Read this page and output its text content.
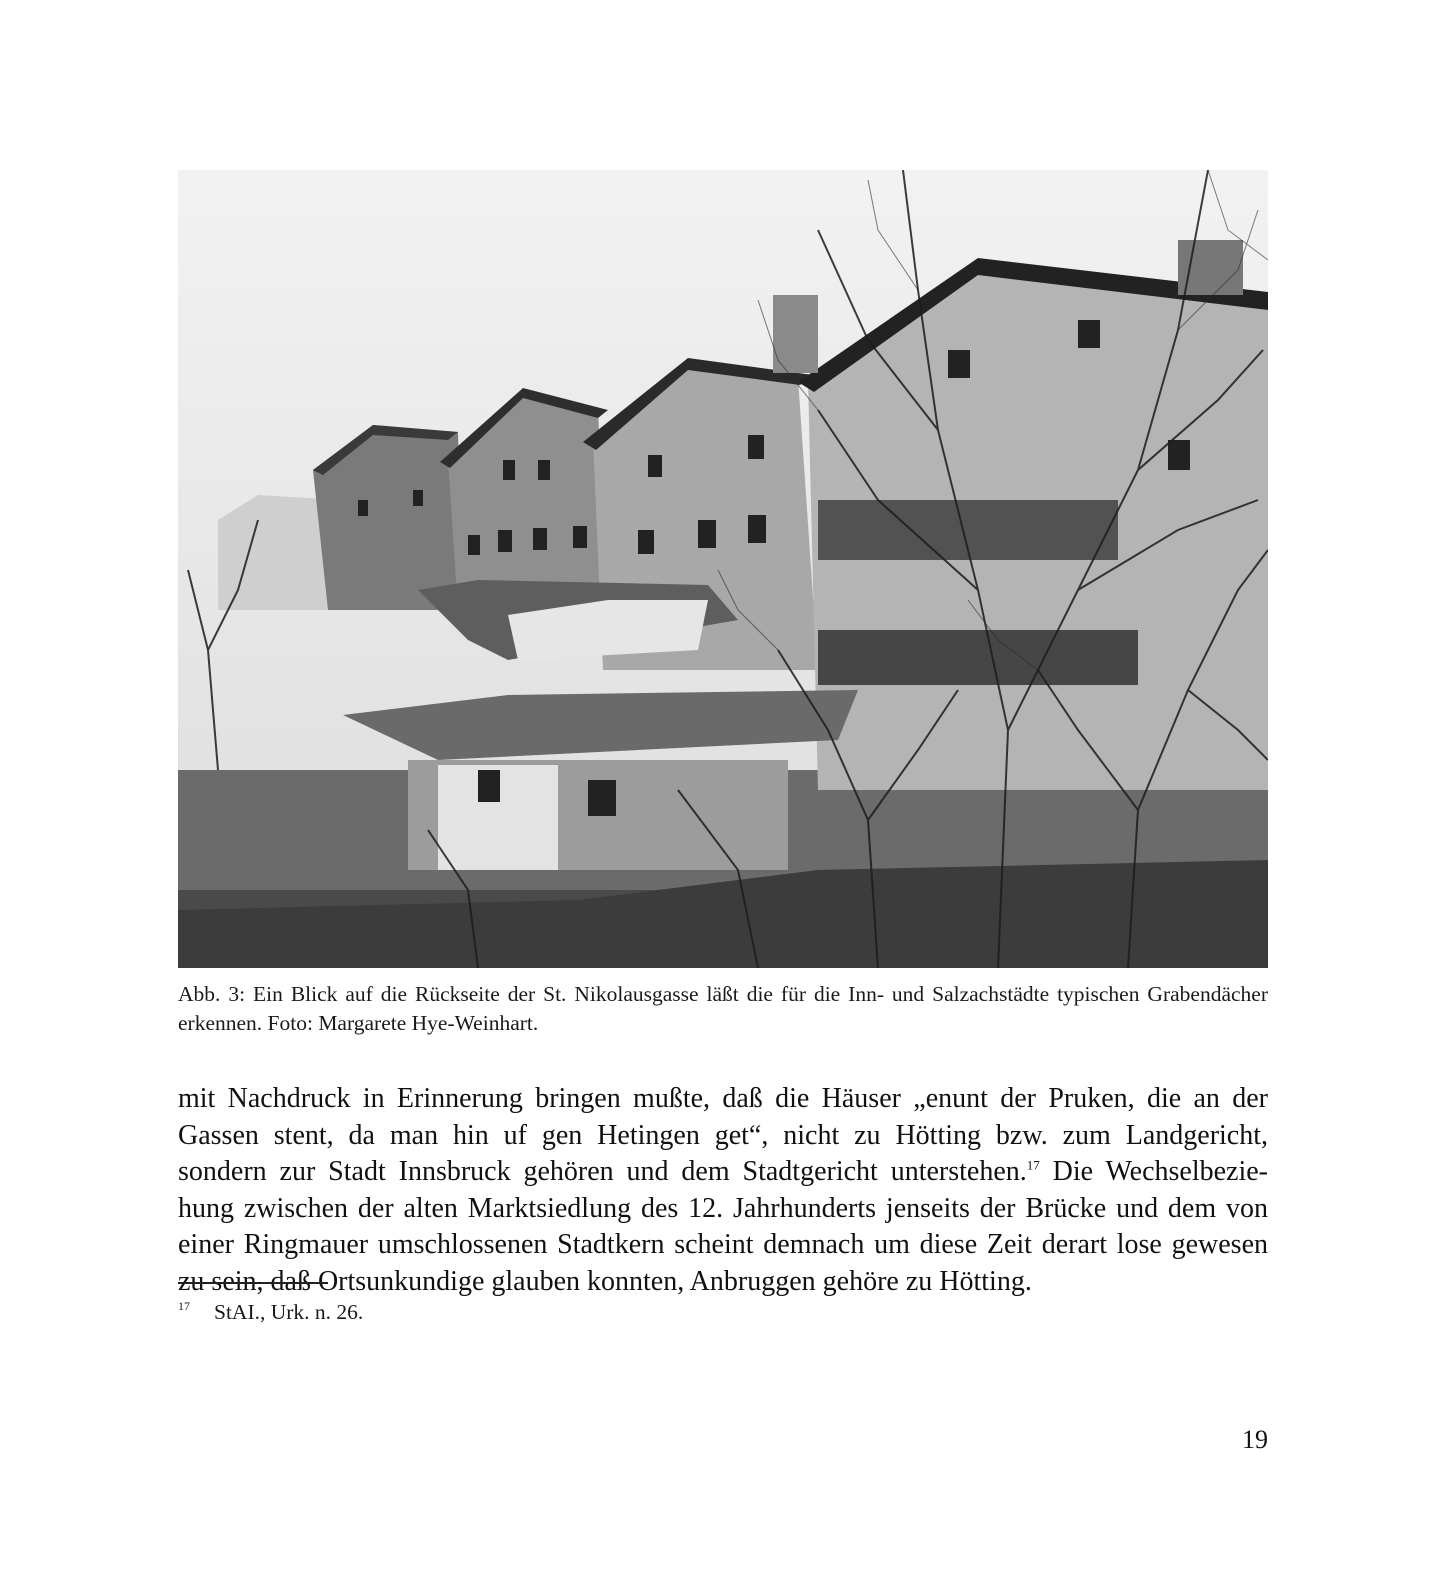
Abb. 3: Ein Blick auf die Rückseite der St. Nikolausgasse läßt die für die Inn- und Salzachstädte typischen Grabendächer erkennen. Foto: Margarete Hye-Weinhart.
mit Nachdruck in Erinnerung bringen mußte, daß die Häuser „enunt der Pruken, die an der
Gassen stent, da man hin uf gen Hetingen get“, nicht zu Hötting bzw. zum Landgericht,
sondern zur Stadt Innsbruck gehören und dem Stadtgericht unterstehen.$^{17}$ Die Wechselbezie-
hung zwischen der alten Marktsiedlung des 12. Jahrhunderts jenseits der Brücke und dem von
einer Ringmauer umschlossenen Stadtkern scheint demnach um diese Zeit derart lose gewesen
zu sein, daß Ortsunkundige glauben konnten, Anbruggen gehöre zu Hötting.
17 StAI., Urk. n. 26.
19
